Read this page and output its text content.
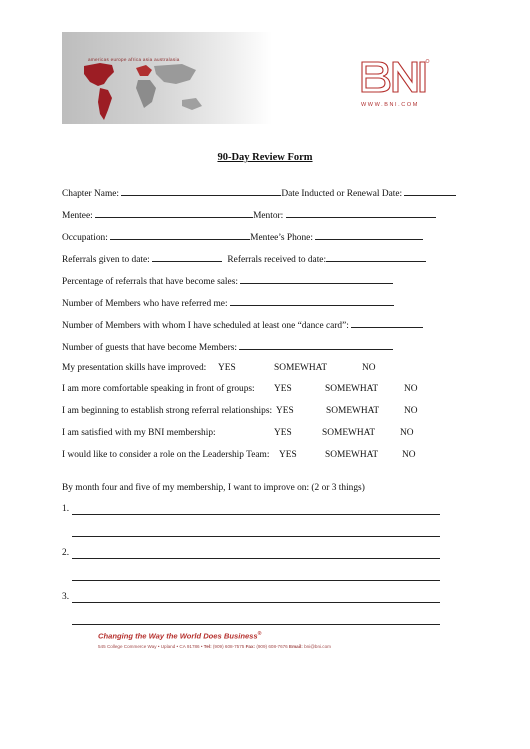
americas europe africa asia australasia
WWW.BNI.COM
90-Day Review Form
Chapter Name:	Date Inducted or Renewal Date:
Mentee:	Mentor:
Occupation:	Mentee’s Phone:
Referrals given to date:	Referrals received to date:
Percentage of referrals that have become sales:
Number of Members who have referred me:
Number of Members with whom I have scheduled at least one “dance card”:
Number of guests that have become Members:
My presentation skills have improved: YES	SOMEWHAT	NO
I am more comfortable speaking in front of groups: YES	SOMEWHAT	NO
I am beginning to establish strong referral relationships: YES	SOMEWHAT	NO
I am satisfied with my BNI membership:	YES	SOMEWHAT	NO
I would like to consider a role on the Leadership Team: YES	SOMEWHAT	NO
By month four and five of my membership, I want to improve on: (2 or 3 things)
1.
2.
3.
Changing the Way the World Does Business®
545 College Commerce Way • Upland • CA 91786 • Tel: (909) 608-7575 Fax: (909) 608-7676 Email: bni@bni.com
